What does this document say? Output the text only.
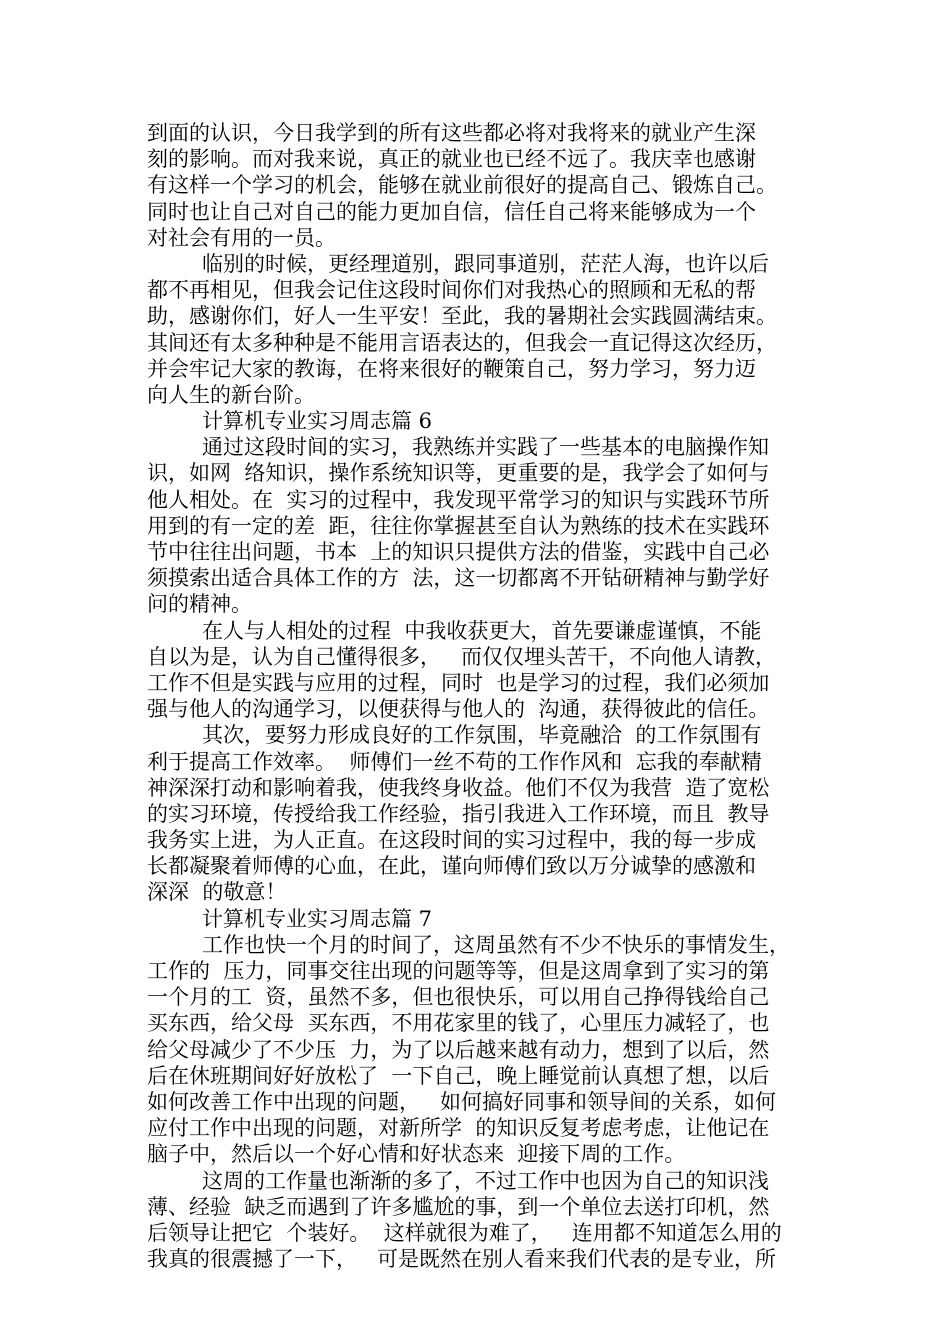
到面的认识，今日我学到的所有这些都必将对我将来的就业产生深
刻的影响。而对我来说，真正的就业也已经不远了。我庆幸也感谢
有这样一个学习的机会，能够在就业前很好的提高自己、锻炼自己。
同时也让自己对自己的能力更加自信，信任自己将来能够成为一个
对社会有用的一员。
临别的时候，更经理道别，跟同事道别，茫茫人海，也许以后
都不再相见，但我会记住这段时间你们对我热心的照顾和无私的帮
助，感谢你们，好人一生平安！至此，我的暑期社会实践圆满结束。
其间还有太多种种是不能用言语表达的，但我会一直记得这次经历，
并会牢记大家的教诲，在将来很好的鞭策自己，努力学习，努力迈
向人生的新台阶。
计算机专业实习周志篇 6
通过这段时间的实习，我熟练并实践了一些基本的电脑操作知
识，如网  络知识，操作系统知识等，更重要的是，我学会了如何与
他人相处。在  实习的过程中，我发现平常学习的知识与实践环节所
用到的有一定的差  距，往往你掌握甚至自认为熟练的技术在实践环
节中往往出问题，书本  上的知识只提供方法的借鉴，实践中自己必
须摸索出适合具体工作的方  法，这一切都离不开钻研精神与勤学好
问的精神。
在人与人相处的过程  中我收获更大，首先要谦虚谨慎，不能
自以为是，认为自己懂得很多，   而仅仅埋头苦干，不向他人请教，
工作不但是实践与应用的过程，同时  也是学习的过程，我们必须加
强与他人的沟通学习，以便获得与他人的  沟通，获得彼此的信任。
其次，要努力形成良好的工作氛围，毕竟融洽  的工作氛围有
利于提高工作效率。  师傅们一丝不苟的工作作风和  忘我的奉献精
神深深打动和影响着我，使我终身收益。他们不仅为我营  造了宽松
的实习环境，传授给我工作经验，指引我进入工作环境，而且  教导
我务实上进，为人正直。在这段时间的实习过程中，我的每一步成
长都凝聚着师傅的心血，在此，谨向师傅们致以万分诚挚的感激和
深深  的敬意！
计算机专业实习周志篇 7
工作也快一个月的时间了，这周虽然有不少不快乐的事情发生，
工作的  压力，同事交往出现的问题等等，但是这周拿到了实习的第
一个月的工  资，虽然不多，但也很快乐，可以用自己挣得钱给自己
买东西，给父母  买东西，不用花家里的钱了，心里压力减轻了，也
给父母减少了不少压  力，为了以后越来越有动力，想到了以后，然
后在休班期间好好放松了  一下自己，晚上睡觉前认真想了想，以后
如何改善工作中出现的问题，   如何搞好同事和领导间的关系，如何
应付工作中出现的问题，对新所学  的知识反复考虑考虑，让他记在
脑子中，然后以一个好心情和好状态来  迎接下周的工作。
这周的工作量也渐渐的多了，不过工作中也因为自己的知识浅
薄、经验  缺乏而遇到了许多尴尬的事，到一个单位去送打印机，然
后领导让把它  个装好。  这样就很为难了，   连用都不知道怎么用的
我真的很震撼了一下，   可是既然在别人看来我们代表的是专业，所
